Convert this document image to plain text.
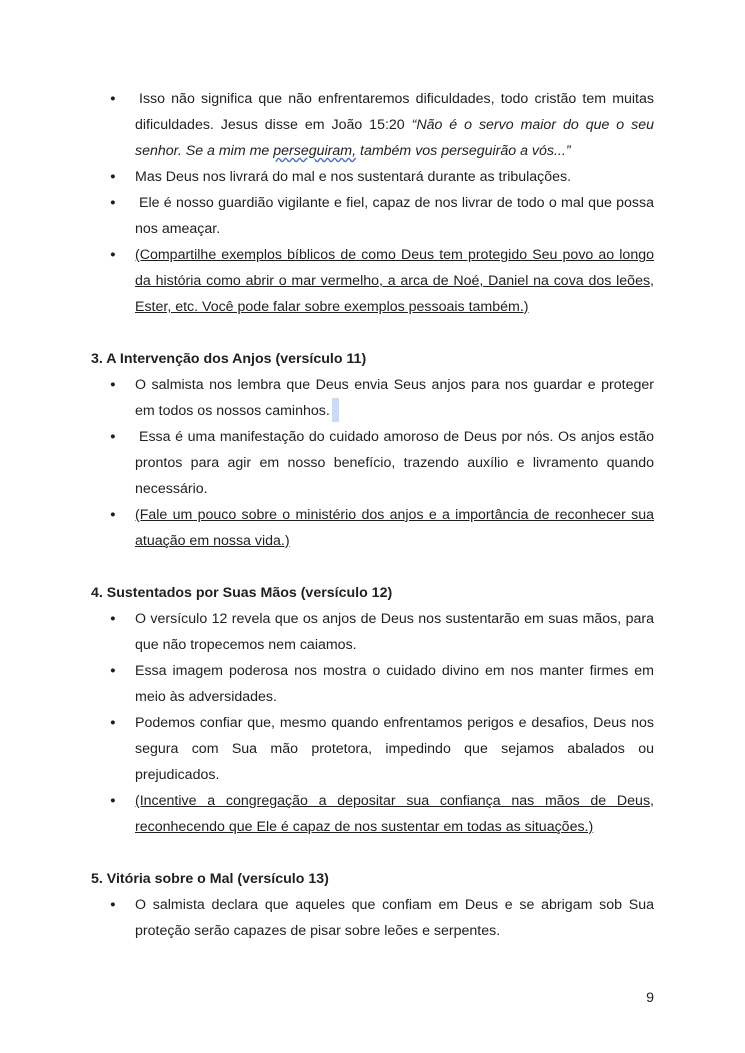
● Isso não significa que não enfrentaremos dificuldades, todo cristão tem muitas dificuldades. Jesus disse em João 15:20 “Não é o servo maior do que o seu senhor. Se a mim me perseguiram, também vos perseguirão a vós...”
● Mas Deus nos livrará do mal e nos sustentará durante as tribulações.
● Ele é nosso guardião vigilante e fiel, capaz de nos livrar de todo o mal que possa nos ameaçar.
● (Compartilhe exemplos bíblicos de como Deus tem protegido Seu povo ao longo da história como abrir o mar vermelho, a arca de Noé, Daniel na cova dos leões, Ester, etc. Você pode falar sobre exemplos pessoais também.)

3. A Intervenção dos Anjos (versículo 11)

● O salmista nos lembra que Deus envia Seus anjos para nos guardar e proteger em todos os nossos caminhos.
● Essa é uma manifestação do cuidado amoroso de Deus por nós. Os anjos estão prontos para agir em nosso benefício, trazendo auxílio e livramento quando necessário.
● (Fale um pouco sobre o ministério dos anjos e a importância de reconhecer sua atuação em nossa vida.)

4. Sustentados por Suas Mãos (versículo 12)

● O versículo 12 revela que os anjos de Deus nos sustentarão em suas mãos, para que não tropecemos nem caiamos.
● Essa imagem poderosa nos mostra o cuidado divino em nos manter firmes em meio às adversidades.
● Podemos confiar que, mesmo quando enfrentamos perigos e desafios, Deus nos segura com Sua mão protetora, impedindo que sejamos abalados ou prejudicados.
● (Incentive a congregação a depositar sua confiança nas mãos de Deus, reconhecendo que Ele é capaz de nos sustentar em todas as situações.)

5. Vitória sobre o Mal (versículo 13)

● O salmista declara que aqueles que confiam em Deus e se abrigam sob Sua proteção serão capazes de pisar sobre leões e serpentes.
9
